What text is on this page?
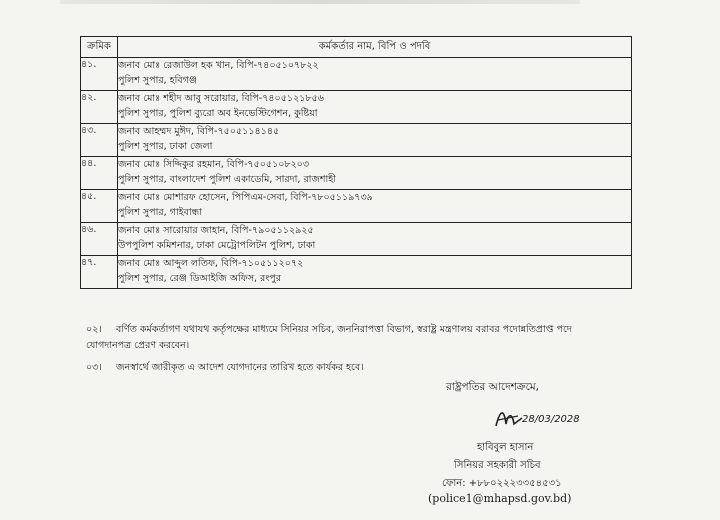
ক্রমিক	কর্মকর্তার নাম, বিপি ও পদবি
৪১.	জনাব মোঃ রেজাউল হক খান, বিপি-৭৪০৫১০৭৮২২
পুলিশ সুপার, হবিগঞ্জ

৪২.	জনাব মোঃ শহীদ আবু সরোয়ার, বিপি-৭৪০৫১২১৮৫৬
পুলিশ সুপার, পুলিশ ব্যুরো অব ইনভেস্টিগেশন, কুষ্টিয়া

৪৩.	জনাব আহম্মদ মুঈদ, বিপি-৭৫০৫১১৪১৪৫
পুলিশ সুপার, ঢাকা জেলা

৪৪.	জনাব মোঃ সিদ্দিকুর রহমান, বিপি-৭৫০৫১০৮২০৩
পুলিশ সুপার, বাংলাদেশ পুলিশ একাডেমি, সারদা, রাজশাহী

৪৫.	জনাব মোঃ মোশারফ হোসেন, পিপিএম-সেবা, বিপি-৭৮০৫১১৯৭৩৯
পুলিশ সুপার, গাইবান্ধা

৪৬.	জনাব মোঃ সারোয়ার জাহান, বিপি-৭৯০৫১১২৯২৫
উপপুলিশ কমিশনার, ঢাকা মেট্রোপলিটন পুলিশ, ঢাকা

৪৭.	জনাব মোঃ আব্দুল লতিফ, বিপি-৭১০৫১১২০৭২
পুলিশ সুপার, রেঞ্জ ডিআইজি অফিস, রংপুর
০২। বর্ণিত কর্মকর্তাগণ যথাযথ কর্তৃপক্ষের মাধ্যমে সিনিয়র সচিব, জননিরাপত্তা বিভাগ, স্বরাষ্ট্র মন্ত্রণালয় বরাবর পদোন্নতিপ্রাপ্ত পদে
যোগদানপত্র প্রেরণ করবেন।
০৩। জনস্বার্থে জারীকৃত এ আদেশ যোগদানের তারিখ হতে কার্যকর হবে।
রাষ্ট্রপতির আদেশক্রমে,
28/03/2028
হাবিবুল হাসান
সিনিয়র সহকারী সচিব
ফোন: +৮৮০২২২৩৩৫৪৫৩১
(police1@mhapsd.gov.bd)
